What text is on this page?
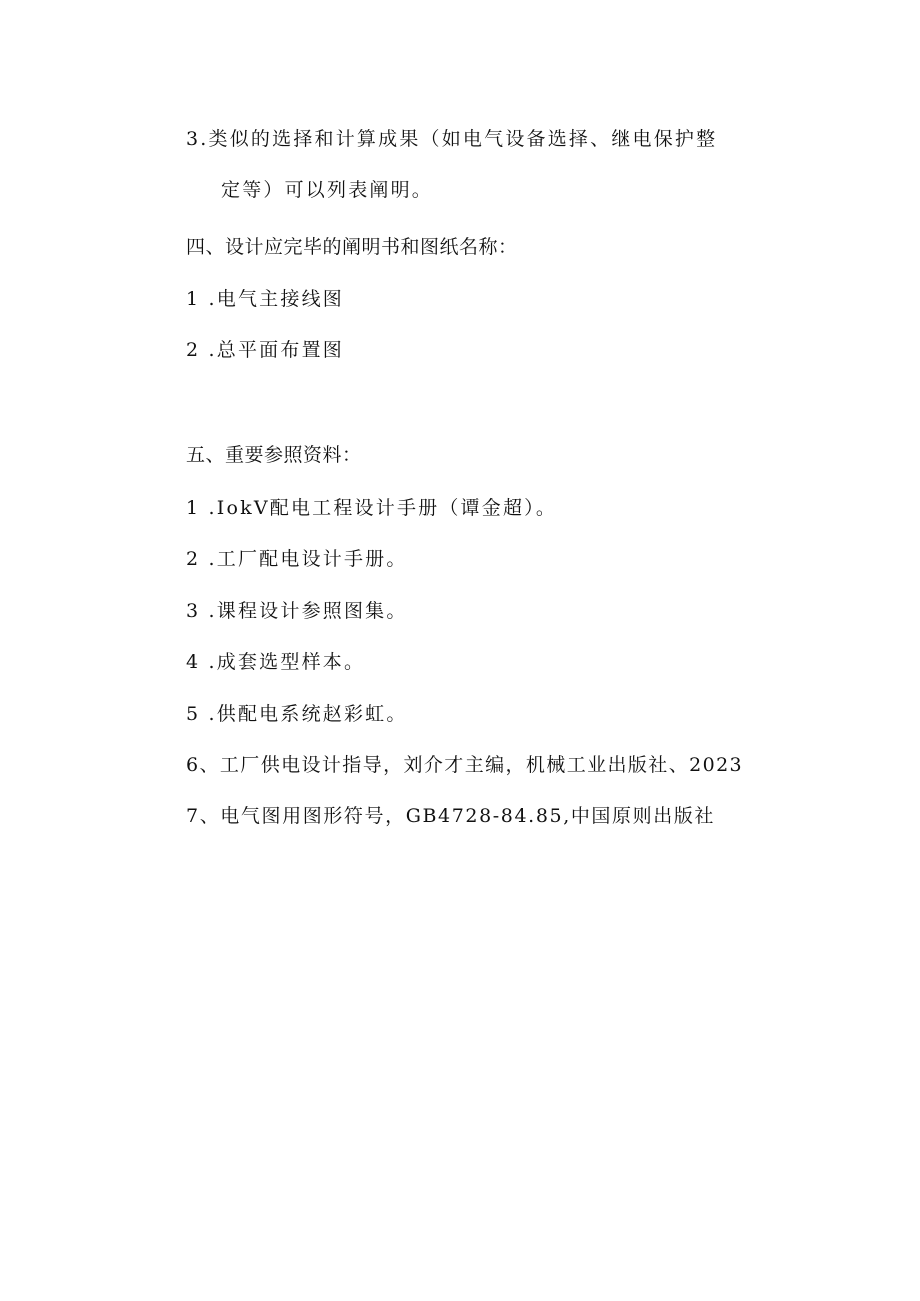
3.类似的选择和计算成果（如电气设备选择、继电保护整
定等）可以列表阐明。
四、设计应完毕的阐明书和图纸名称：
1 .电气主接线图
2 .总平面布置图
五、重要参照资料：
1 .IokV配电工程设计手册（谭金超）。
2 .工厂配电设计手册。
3 .课程设计参照图集。
4 .成套选型样本。
5 .供配电系统赵彩虹。
6、工厂供电设计指导，刘介才主编，机械工业出版社、2023
7、电气图用图形符号，GB4728-84.85,中国原则出版社
